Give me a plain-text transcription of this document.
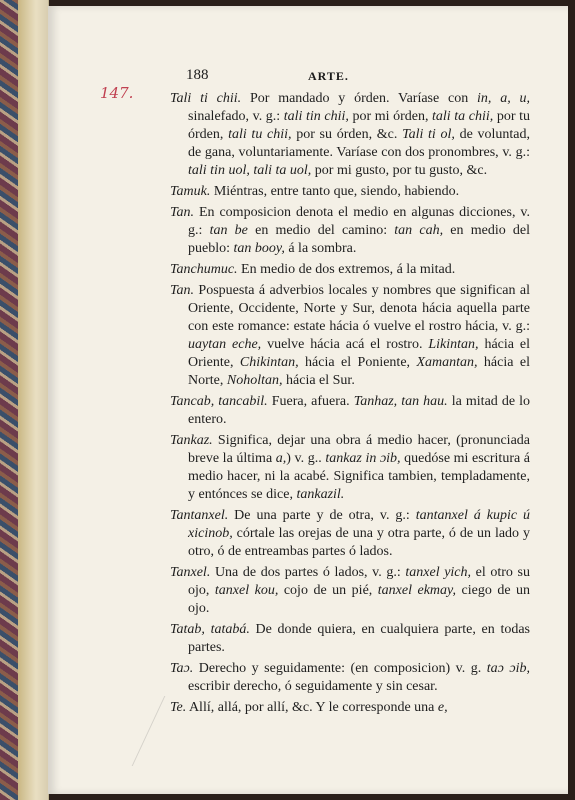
188	ARTE.
147.	Tali ti chii. Por mandado y órden. Varíase con in, a, u, sinalefado, v. g.: tali tin chii, por mi órden, tali ta chii, por tu órden, tali tu chii, por su órden, &c. Tali ti ol, de voluntad, de gana, voluntariamente. Varíase con dos pronombres, v. g.: tali tin uol, tali ta uol, por mi gusto, por tu gusto, &c.

Tamuk. Miéntras, entre tanto que, siendo, habiendo.

Tan. En composicion denota el medio en algunas dicciones, v. g.: tan be en medio del camino: tan cah, en medio del pueblo: tan booy, á la sombra.

Tanchumuc. En medio de dos extremos, á la mitad.

Tan. Pospuesta á adverbios locales y nombres que significan al Oriente, Occidente, Norte y Sur, denota hácia aquella parte con este romance: estate hácia ó vuelve el rostro hácia, v. g.: uaytan eche, vuelve hácia acá el rostro. Likintan, hácia el Oriente, Chikintan, hácia el Poniente, Xamantan, hácia el Norte, Noholtan, hácia el Sur.

Tancab, tancabil. Fuera, afuera. Tanhaz, tan hau. la mitad de lo entero.

Tankaz. Significa, dejar una obra á medio hacer, (pronunciada breve la última a,) v. g.. tankaz in ɔib, quedóse mi escritura á medio hacer, ni la acabé. Significa tambien, templadamente, y entónces se dice, tankazil.

Tantanxel. De una parte y de otra, v. g.: tantanxel á kupic ú xicinob, córtale las orejas de una y otra parte, ó de un lado y otro, ó de entreambas partes ó lados.

Tanxel. Una de dos partes ó lados, v. g.: tanxel yich, el otro su ojo, tanxel kou, cojo de un pié, tanxel ekmay, ciego de un ojo.

Tatab, tatabá. De donde quiera, en cualquiera parte, en todas partes.

Taɔ. Derecho y seguidamente: (en composicion) v. g. taɔ ɔib, escribir derecho, ó seguidamente y sin cesar.

Te. Allí, allá, por allí, &c. Y le corresponde una e,
